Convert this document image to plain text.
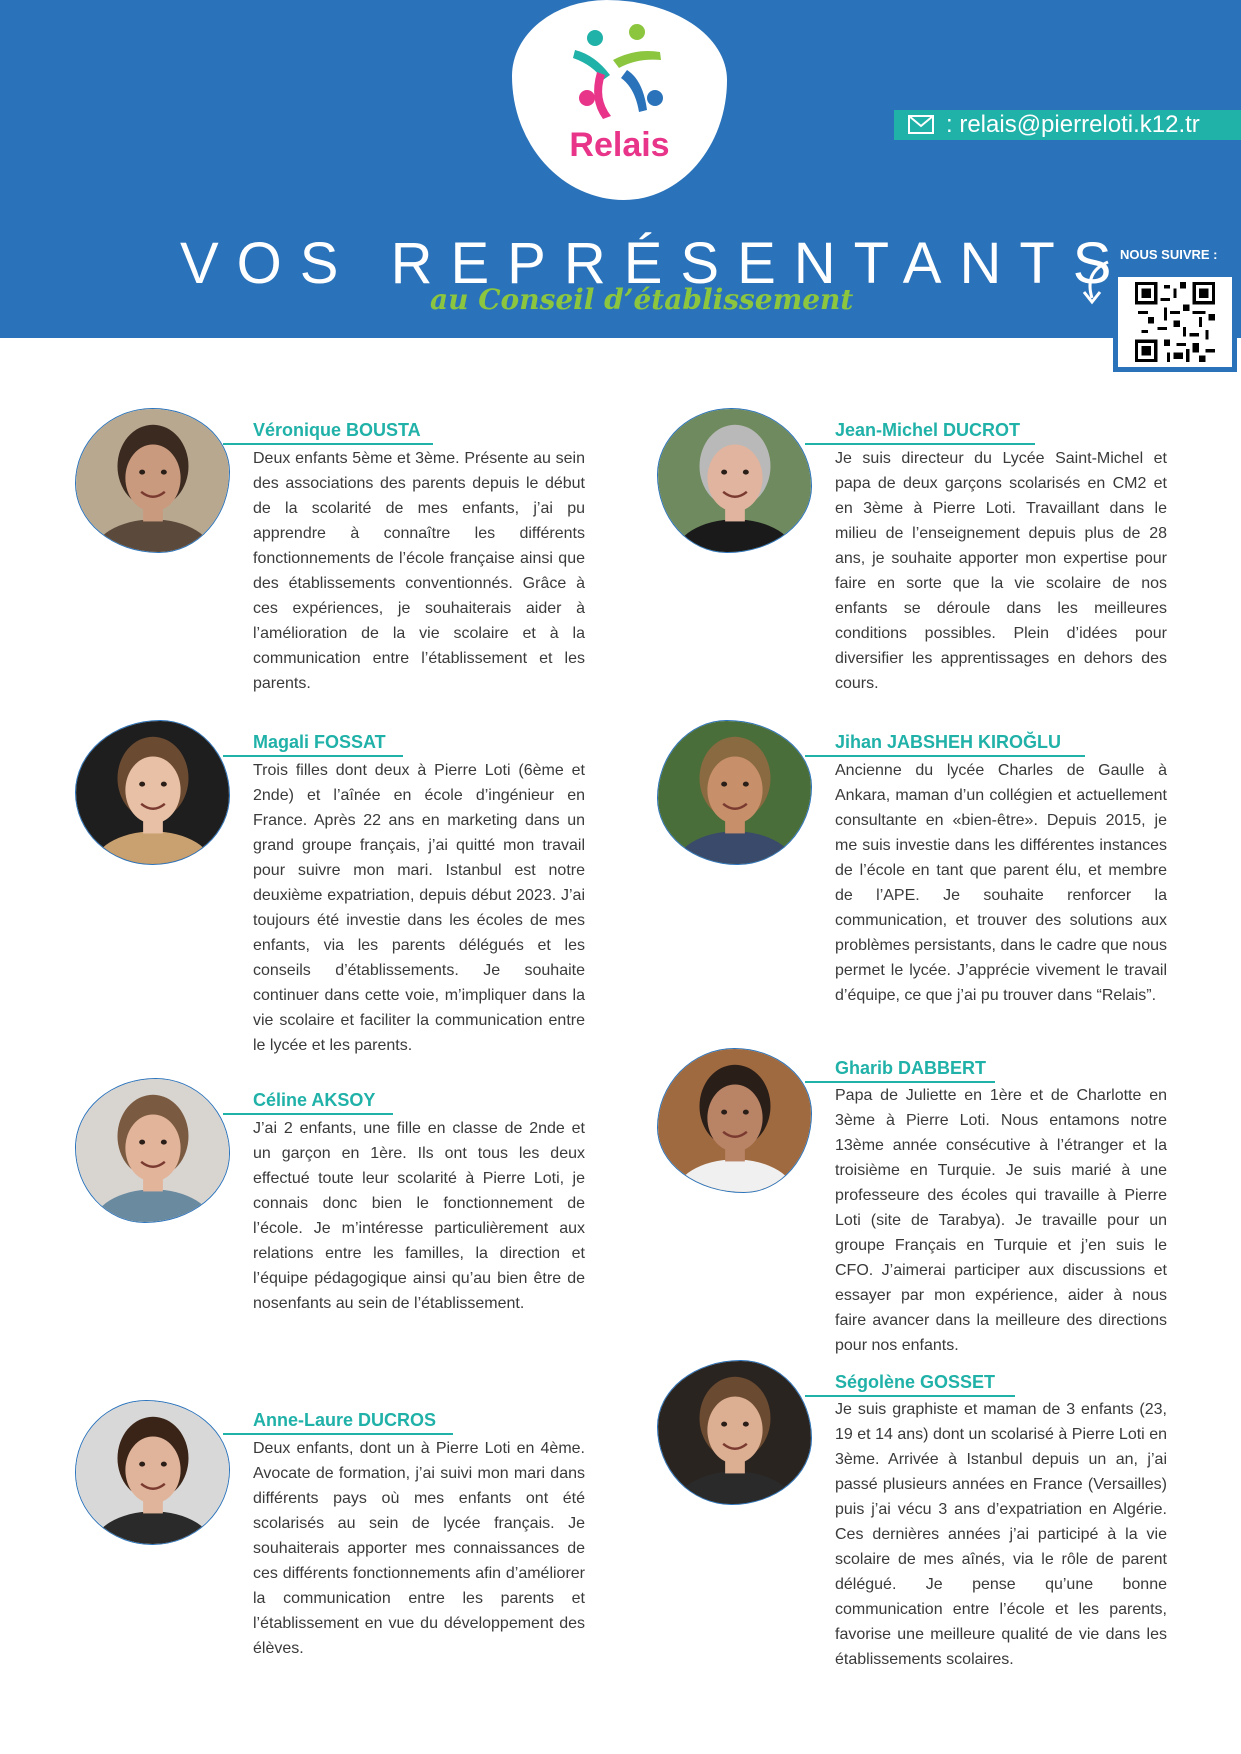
Relais
: relais@pierreloti.k12.tr
VOS REPRÉSENTANTS
au Conseil d’établissement
NOUS SUIVRE :
Véronique BOUSTA
Deux enfants 5ème et 3ème. Présente au sein des associations des parents depuis le début de la scolarité de mes enfants, j’ai pu apprendre à connaître les différents fonctionnements de l’école française ainsi que des établissements conventionnés. Grâce à ces expériences, je souhaiterais aider à l’amélioration de la vie scolaire et à la communication entre l’établissement et les parents.
Jean-Michel DUCROT
Je suis directeur du Lycée Saint-Michel et papa de deux garçons scolarisés en CM2 et en 3ème à Pierre Loti. Travaillant dans le milieu de l’enseignement depuis plus de 28 ans, je souhaite apporter mon expertise pour faire en sorte que la vie scolaire de nos enfants se déroule dans les meilleures conditions possibles. Plein d’idées pour diversifier les apprentissages en dehors des cours.
Magali FOSSAT
Trois filles dont deux à Pierre Loti (6ème et 2nde) et l’aînée en école d’ingénieur en France. Après 22 ans en marketing dans un grand groupe français, j’ai quitté mon travail pour suivre mon mari. Istanbul est notre deuxième expatriation, depuis début 2023. J’ai toujours été investie dans les écoles de mes enfants, via les parents délégués et les conseils d’établissements. Je souhaite continuer dans cette voie, m’impliquer dans la vie scolaire et faciliter la communication entre le lycée et les parents.
Jihan JABSHEH KIROĞLU
Ancienne du lycée Charles de Gaulle à Ankara, maman d’un collégien et actuellement consultante en «bien-être». Depuis 2015, je me suis investie dans les différentes instances de l’école en tant que parent élu, et membre de l’APE. Je souhaite renforcer la communication, et trouver des solutions aux problèmes persistants, dans le cadre que nous permet le lycée. J’apprécie vivement le travail d’équipe, ce que j’ai pu trouver dans “Relais”.
Céline AKSOY
J’ai 2 enfants, une fille en classe de 2nde et un garçon en 1ère. Ils ont tous les deux effectué toute leur scolarité à Pierre Loti, je connais donc bien le fonctionnement de l’école. Je m’intéresse particulièrement aux relations entre les familles, la direction et l’équipe pédagogique ainsi qu’au bien être de nosenfants au sein de l’établissement.
Gharib DABBERT
Papa de Juliette en 1ère et de Charlotte en 3ème à Pierre Loti. Nous entamons notre 13ème année consécutive à l’étranger et la troisième en Turquie. Je suis marié à une professeure des écoles qui travaille à Pierre Loti (site de Tarabya). Je travaille pour un groupe Français en Turquie et j’en suis le CFO. J’aimerai participer aux discussions et essayer par mon expérience, aider à nous faire avancer dans la meilleure des directions pour nos enfants.
Anne-Laure DUCROS
Deux enfants, dont un à Pierre Loti en 4ème. Avocate de formation, j’ai suivi mon mari dans différents pays où mes enfants ont été scolarisés au sein de lycée français. Je souhaiterais apporter mes connaissances de ces différents fonctionnements afin d’améliorer la communication entre les parents et l’établissement en vue du développement des élèves.
Ségolène GOSSET
Je suis graphiste et maman de 3 enfants (23, 19 et 14 ans) dont un scolarisé à Pierre Loti en 3ème. Arrivée à Istanbul depuis un an, j’ai passé plusieurs années en France (Versailles) puis j’ai vécu 3 ans d’expatriation en Algérie. Ces dernières années j’ai participé à la vie scolaire de mes aînés, via le rôle de parent délégué. Je pense qu’une bonne communication entre l’école et les parents, favorise une meilleure qualité de vie dans les établissements scolaires.
